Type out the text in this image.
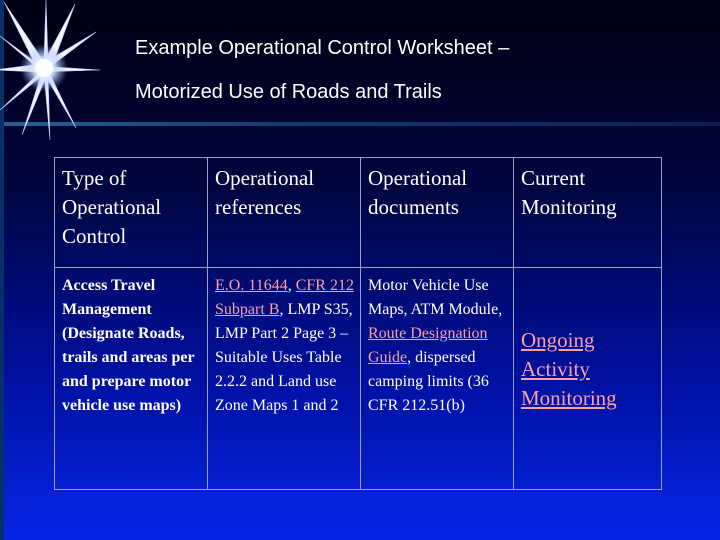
Example Operational Control Worksheet –
Motorized Use of Roads and Trails
Type of Operational Control	Operational references	Operational documents	Current Monitoring
Access Travel Management (Designate Roads, trails and areas per and prepare motor vehicle use maps)	E.O. 11644, CFR 212 Subpart B, LMP S35, LMP Part 2 Page 3 – Suitable Uses Table 2.2.2 and Land use Zone Maps 1 and 2	Motor Vehicle Use Maps, ATM Module, Route Designation Guide, dispersed camping limits (36 CFR 212.51(b)	Ongoing Activity Monitoring
